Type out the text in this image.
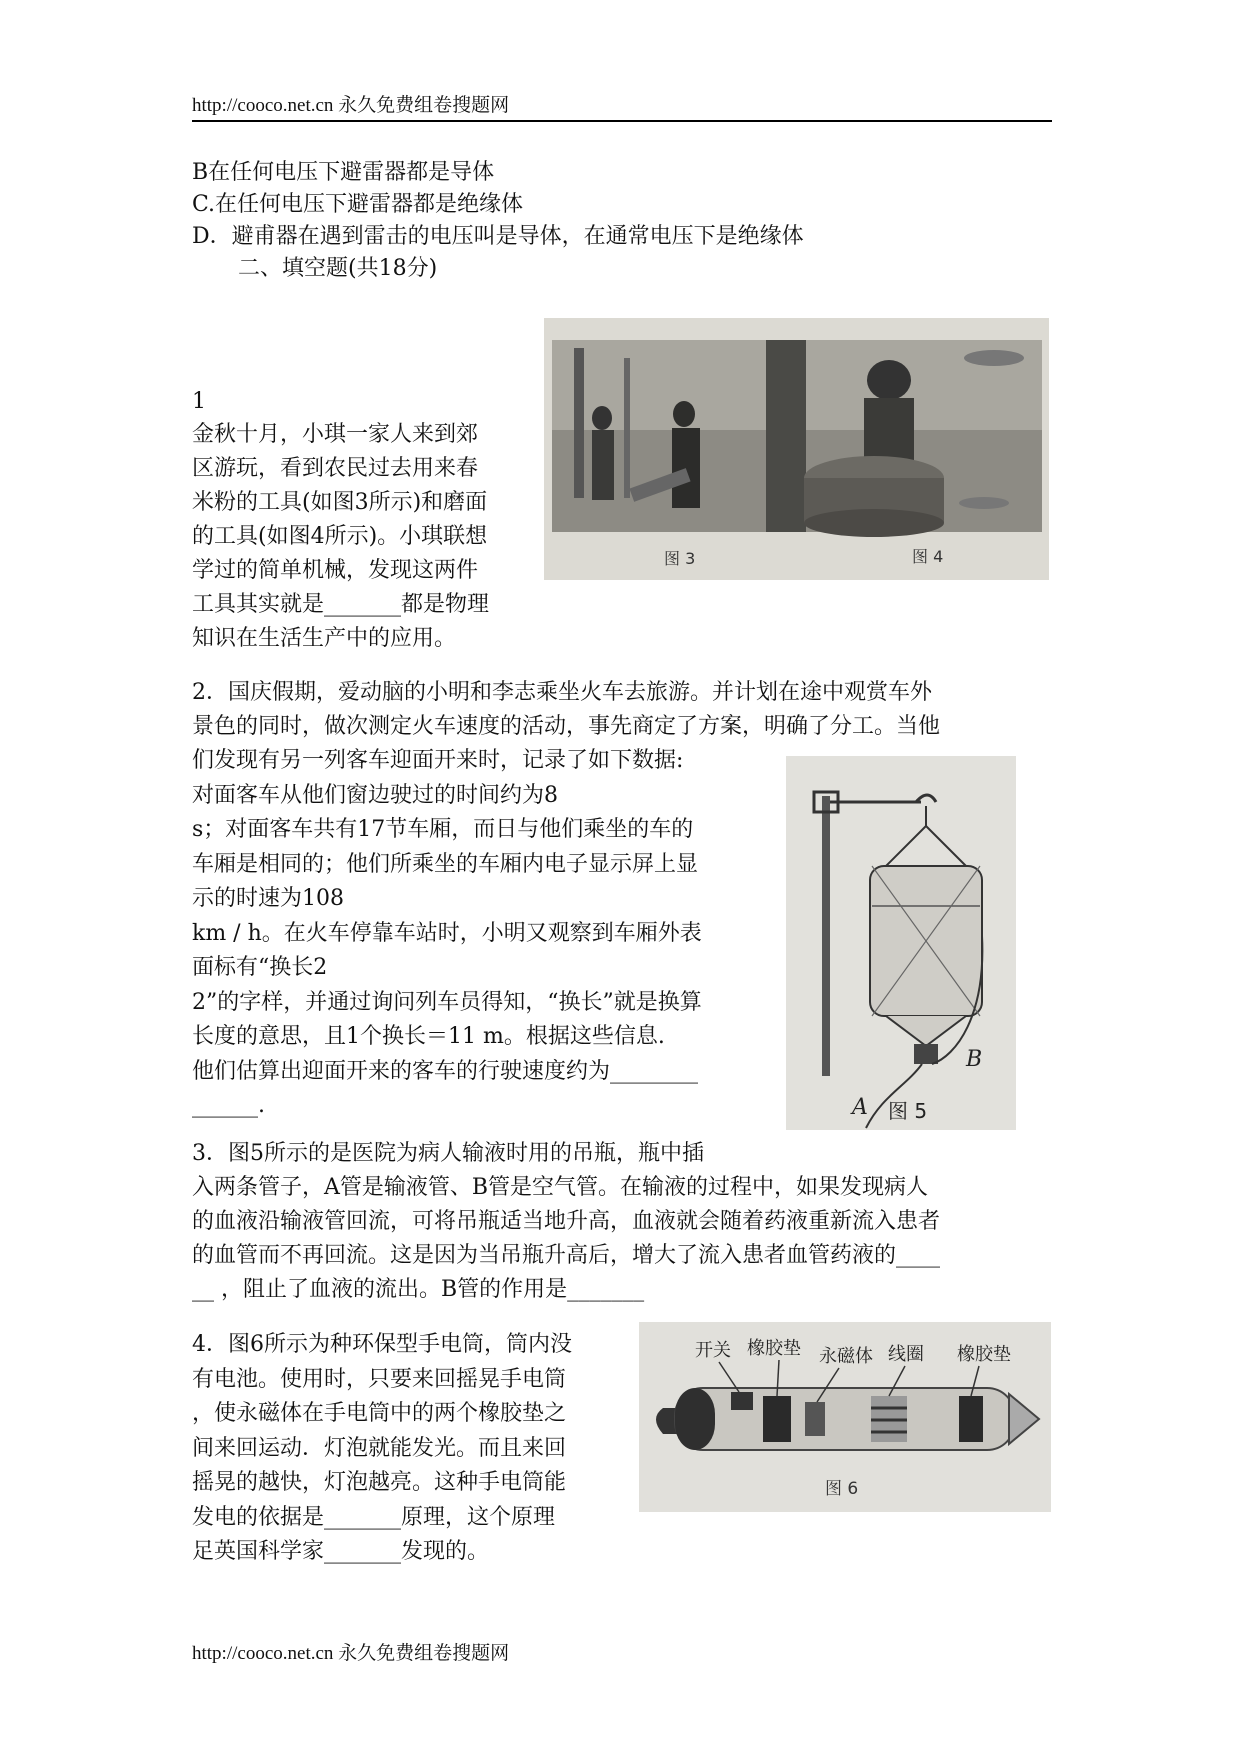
http://cooco.net.cn 永久免费组卷搜题网
B在任何电压下避雷器都是导体
C.在任何电压下避雷器都是绝缘体
D．避甫器在遇到雷击的电压叫是导体，在通常电压下是绝缘体
二、填空题(共18分)
1
金秋十月，小琪一家人来到郊
区游玩，看到农民过去用来春
米粉的工具(如图3所示)和磨面
的工具(如图4所示)。小琪联想
学过的简单机械，发现这两件
工具其实就是_______都是物理
知识在生活生产中的应用。
图 3	图 4
2．国庆假期，爱动脑的小明和李志乘坐火车去旅游。并计划在途中观赏车外
景色的同时，做次测定火车速度的活动，事先商定了方案，明确了分工。当他
们发现有另一列客车迎面开来时，记录了如下数据:
对面客车从他们窗边驶过的时间约为8
s；对面客车共有17节车厢，而日与他们乘坐的车的
车厢是相同的；他们所乘坐的车厢内电子显示屏上显
示的时速为108
km / h。在火车停靠车站时，小明又观察到车厢外表
面标有“换长2
2”的字样，并通过询问列车员得知，“换长”就是换算
长度的意思，且1个换长＝11 m。根据这些信息.
他们估算出迎面开来的客车的行驶速度约为________
______.	A
B
图 5
3．图5所示的是医院为病人输液时用的吊瓶，瓶中插
入两条管子，A管是输液管、B管是空气管。在输液的过程中，如果发现病人
的血液沿输液管回流，可将吊瓶适当地升高，血液就会随着药液重新流入患者
的血管而不再回流。这是因为当吊瓶升高后，增大了流入患者血管药液的____
__ ，阻止了血液的流出。B管的作用是_______
4．图6所示为种环保型手电筒，筒内没
有电池。使用时，只要来回摇晃手电筒
，使永磁体在手电筒中的两个橡胶垫之
间来回运动．灯泡就能发光。而且来回
摇晃的越快，灯泡越亮。这种手电筒能
发电的依据是_______原理，这个原理
足英国科学家_______发现的。
开关 橡胶垫 永磁体 线圈 橡胶垫
图 6
http://cooco.net.cn 永久免费组卷搜题网
